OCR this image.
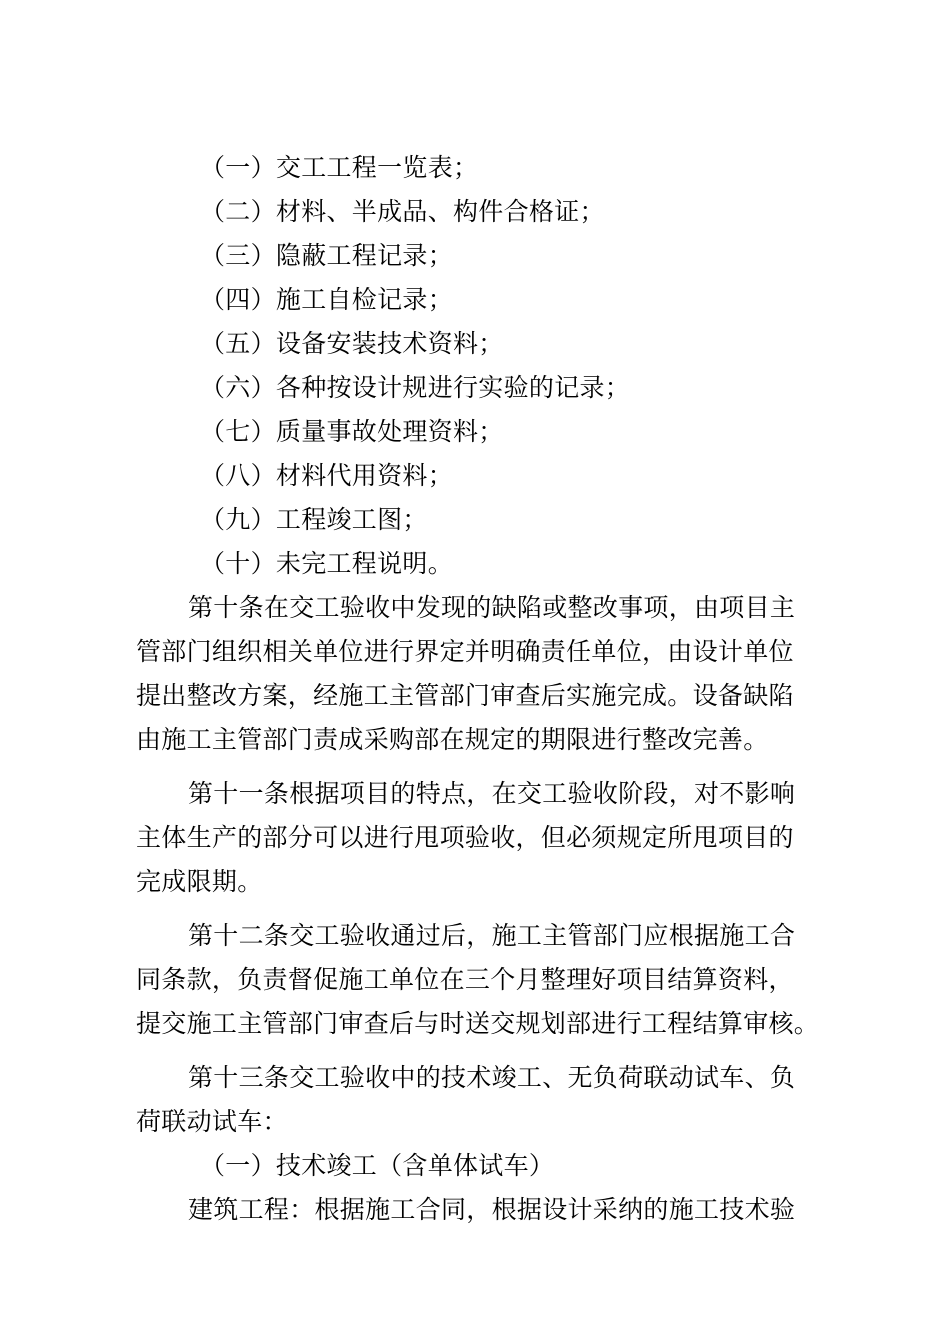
（一）交工工程一览表；
（二）材料、半成品、构件合格证；
（三）隐蔽工程记录；
（四）施工自检记录；
（五）设备安装技术资料；
（六）各种按设计规进行实验的记录；
（七）质量事故处理资料；
（八）材料代用资料；
（九）工程竣工图；
（十）未完工程说明。
第十条在交工验收中发现的缺陷或整改事项，由项目主
管部门组织相关单位进行界定并明确责任单位，由设计单位
提出整改方案，经施工主管部门审查后实施完成。设备缺陷
由施工主管部门责成采购部在规定的期限进行整改完善。
第十一条根据项目的特点，在交工验收阶段，对不影响
主体生产的部分可以进行甩项验收，但必须规定所甩项目的
完成限期。
第十二条交工验收通过后，施工主管部门应根据施工合
同条款，负责督促施工单位在三个月整理好项目结算资料，
提交施工主管部门审查后与时送交规划部进行工程结算审核。
第十三条交工验收中的技术竣工、无负荷联动试车、负
荷联动试车：
（一）技术竣工（含单体试车）
建筑工程：根据施工合同，根据设计采纳的施工技术验
